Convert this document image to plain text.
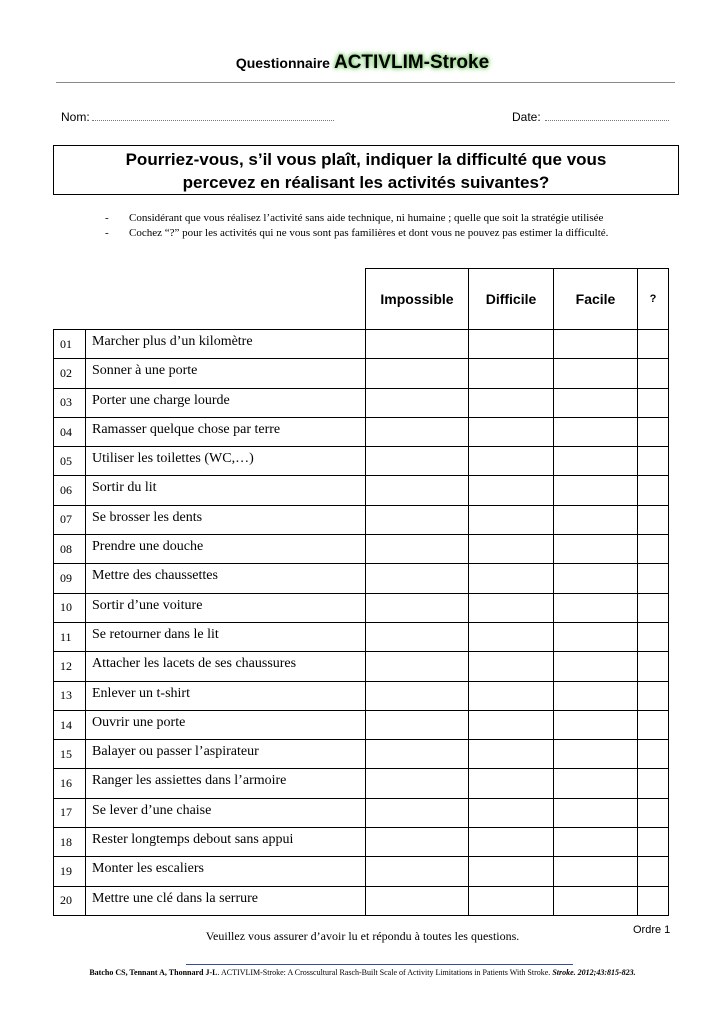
Questionnaire ACTIVLIM-Stroke
Nom:	Date:
Pourriez-vous, s’il vous plaît, indiquer la difficulté que vous
percevez en réalisant les activités suivantes?
- Considérant que vous réalisez l’activité sans aide technique, ni humaine ; quelle que soit la stratégie utilisée
- Cochez “?” pour les activités qui ne vous sont pas familières et dont vous ne pouvez pas estimer la difficulté.
		Impossible	Difficile	Facile	?
01	Marcher plus d’un kilomètre				
02	Sonner à une porte				
03	Porter une charge lourde				
04	Ramasser quelque chose par terre				
05	Utiliser les toilettes (WC,…)				
06	Sortir du lit				
07	Se brosser les dents				
08	Prendre une douche				
09	Mettre des chaussettes				
10	Sortir d’une voiture				
11	Se retourner dans le lit				
12	Attacher les lacets de ses chaussures				
13	Enlever un t-shirt				
14	Ouvrir une porte				
15	Balayer ou passer l’aspirateur				
16	Ranger les assiettes dans l’armoire				
17	Se lever d’une chaise				
18	Rester longtemps debout sans appui				
19	Monter les escaliers				
20	Mettre une clé dans la serrure				
Veuillez vous assurer d’avoir lu et répondu à toutes les questions.	Ordre 1
Batcho CS, Tennant A, Thonnard J-L. ACTIVLIM-Stroke: A Crosscultural Rasch-Built Scale of Activity Limitations in Patients With Stroke. Stroke. 2012;43:815-823.
